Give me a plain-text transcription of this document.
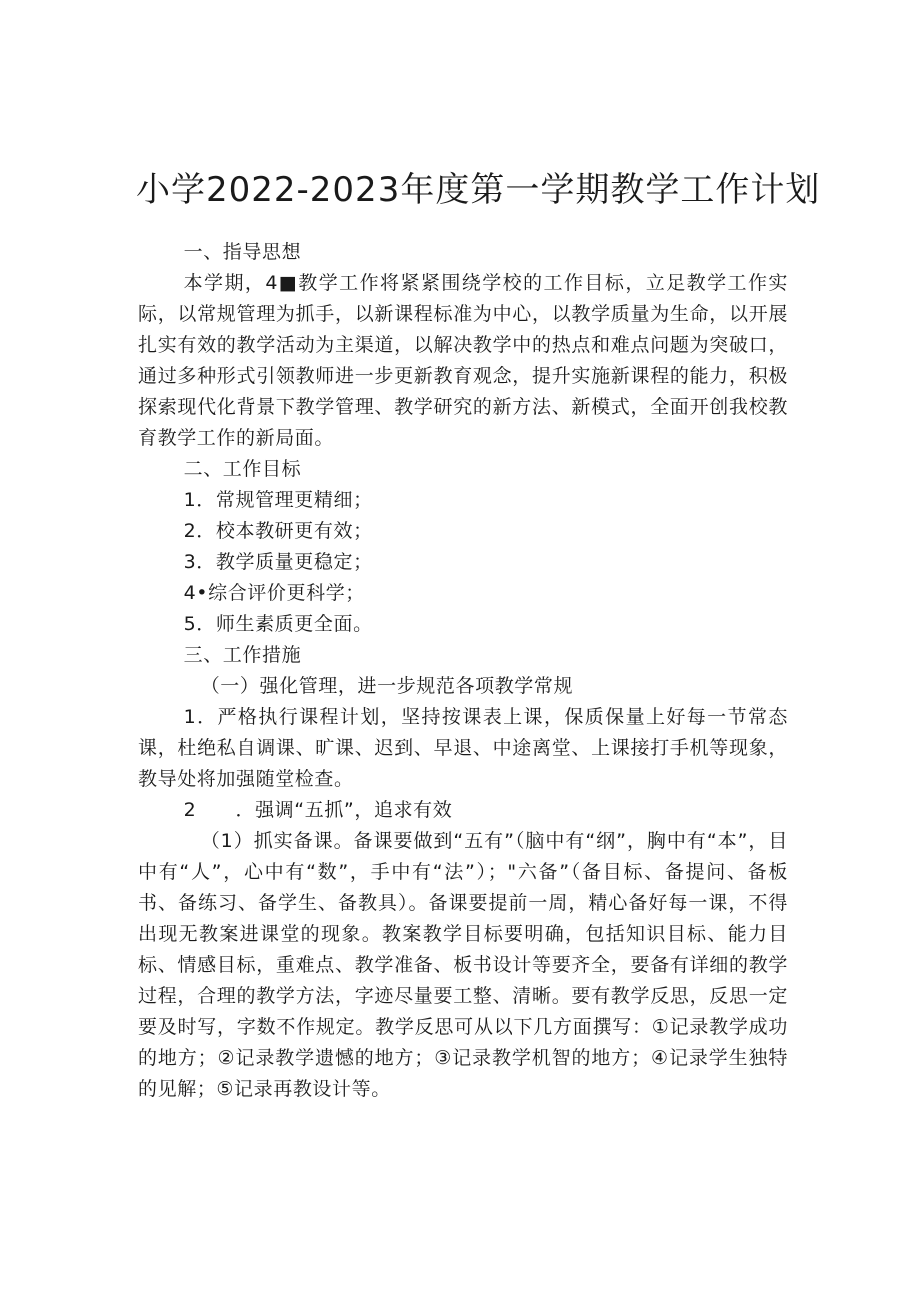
小学2022-2023年度第一学期教学工作计划

一、指导思想

本学期，4■教学工作将紧紧围绕学校的工作目标，立足教学工作实际，以常规管理为抓手，以新课程标准为中心，以教学质量为生命，以开展扎实有效的教学活动为主渠道，以解决教学中的热点和难点问题为突破口，通过多种形式引领教师进一步更新教育观念，提升实施新课程的能力，积极探索现代化背景下教学管理、教学研究的新方法、新模式，全面开创我校教育教学工作的新局面。

二、工作目标

1．常规管理更精细；

2．校本教研更有效；

3．教学质量更稳定；

4•综合评价更科学；

5．师生素质更全面。

三、工作措施

（一）强化管理，进一步规范各项教学常规

1．严格执行课程计划，坚持按课表上课，保质保量上好每一节常态课，杜绝私自调课、旷课、迟到、早退、中途离堂、上课接打手机等现象，教导处将加强随堂检查。

2　　．强调“五抓”，追求有效

（1）抓实备课。备课要做到“五有”（脑中有“纲”，胸中有“本”，目中有“人”，心中有“数”，手中有“法”）；"六备”（备目标、备提问、备板书、备练习、备学生、备教具）。备课要提前一周，精心备好每一课，不得出现无教案进课堂的现象。教案教学目标要明确，包括知识目标、能力目标、情感目标，重难点、教学准备、板书设计等要齐全，要备有详细的教学过程，合理的教学方法，字迹尽量要工整、清晰。要有教学反思，反思一定要及时写，字数不作规定。教学反思可从以下几方面撰写：①记录教学成功的地方；②记录教学遗憾的地方；③记录教学机智的地方；④记录学生独特的见解；⑤记录再教设计等。
